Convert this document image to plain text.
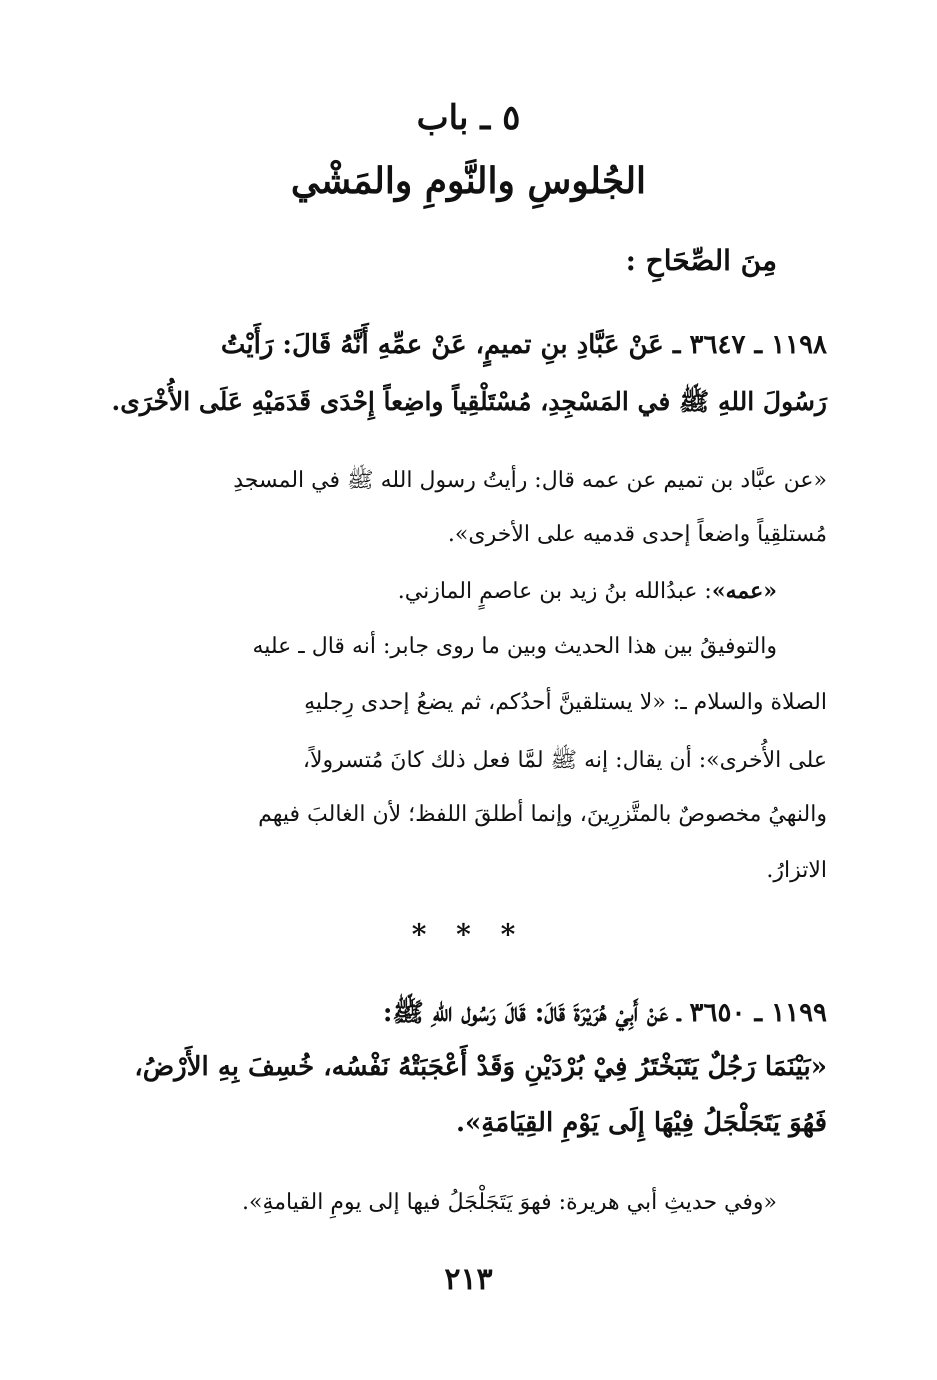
٥ ـ باب
الجُلوسِ والنَّومِ والمَشْي
مِنَ الصِّحَاحِ :
١١٩٨ ـ ٣٦٤٧ ـ عَنْ عَبَّادِ بنِ تميمٍ، عَنْ عمِّهِ أَنَّهُ قَالَ: رَأَيْتُ
رَسُولَ اللهِ ﷺ في المَسْجِدِ، مُسْتَلْقِياً واضِعاً إِحْدَى قَدَمَيْهِ عَلَى الأُخْرَى.
«عن عبَّاد بن تميم عن عمه قال: رأيتُ رسول الله ﷺ في المسجدِ
مُستلقِياً واضعاً إحدى قدميه على الأخرى».
«عمه»: عبدُالله بنُ زيد بن عاصمٍ المازني.
والتوفيقُ بين هذا الحديث وبين ما روى جابر: أنه قال ـ عليه
الصلاة والسلام ـ: «لا يستلقينَّ أحدُكم، ثم يضعُ إحدى رِجليهِ
على الأُخرى»: أن يقال: إنه ﷺ لمَّا فعل ذلك كانَ مُتسرولاً،
والنهيُ مخصوصٌ بالمتَّزرِينَ، وإنما أطلقَ اللفظ؛ لأن الغالبَ فيهم
الاتزارُ.
* * *
١١٩٩ ـ ٣٦٥٠ ـ عَنْ أَبِيْ هُرَيْرَةَ قَالَ: قَالَ رَسُول اللهِ ﷺ:
«بَيْنَمَا رَجُلٌ يَتَبَخْتَرُ فِيْ بُرْدَيْنِ وَقَدْ أَعْجَبَتْهُ نَفْسُه، خُسِفَ بِهِ الأَرْضُ،
فَهُوَ يَتَجَلْجَلُ فِيْهَا إِلَى يَوْمِ القِيَامَةِ».
«وفي حديثِ أبي هريرة: فهوَ يَتَجَلْجَلُ فيها إلى يومِ القيامةِ».
٢١٣
